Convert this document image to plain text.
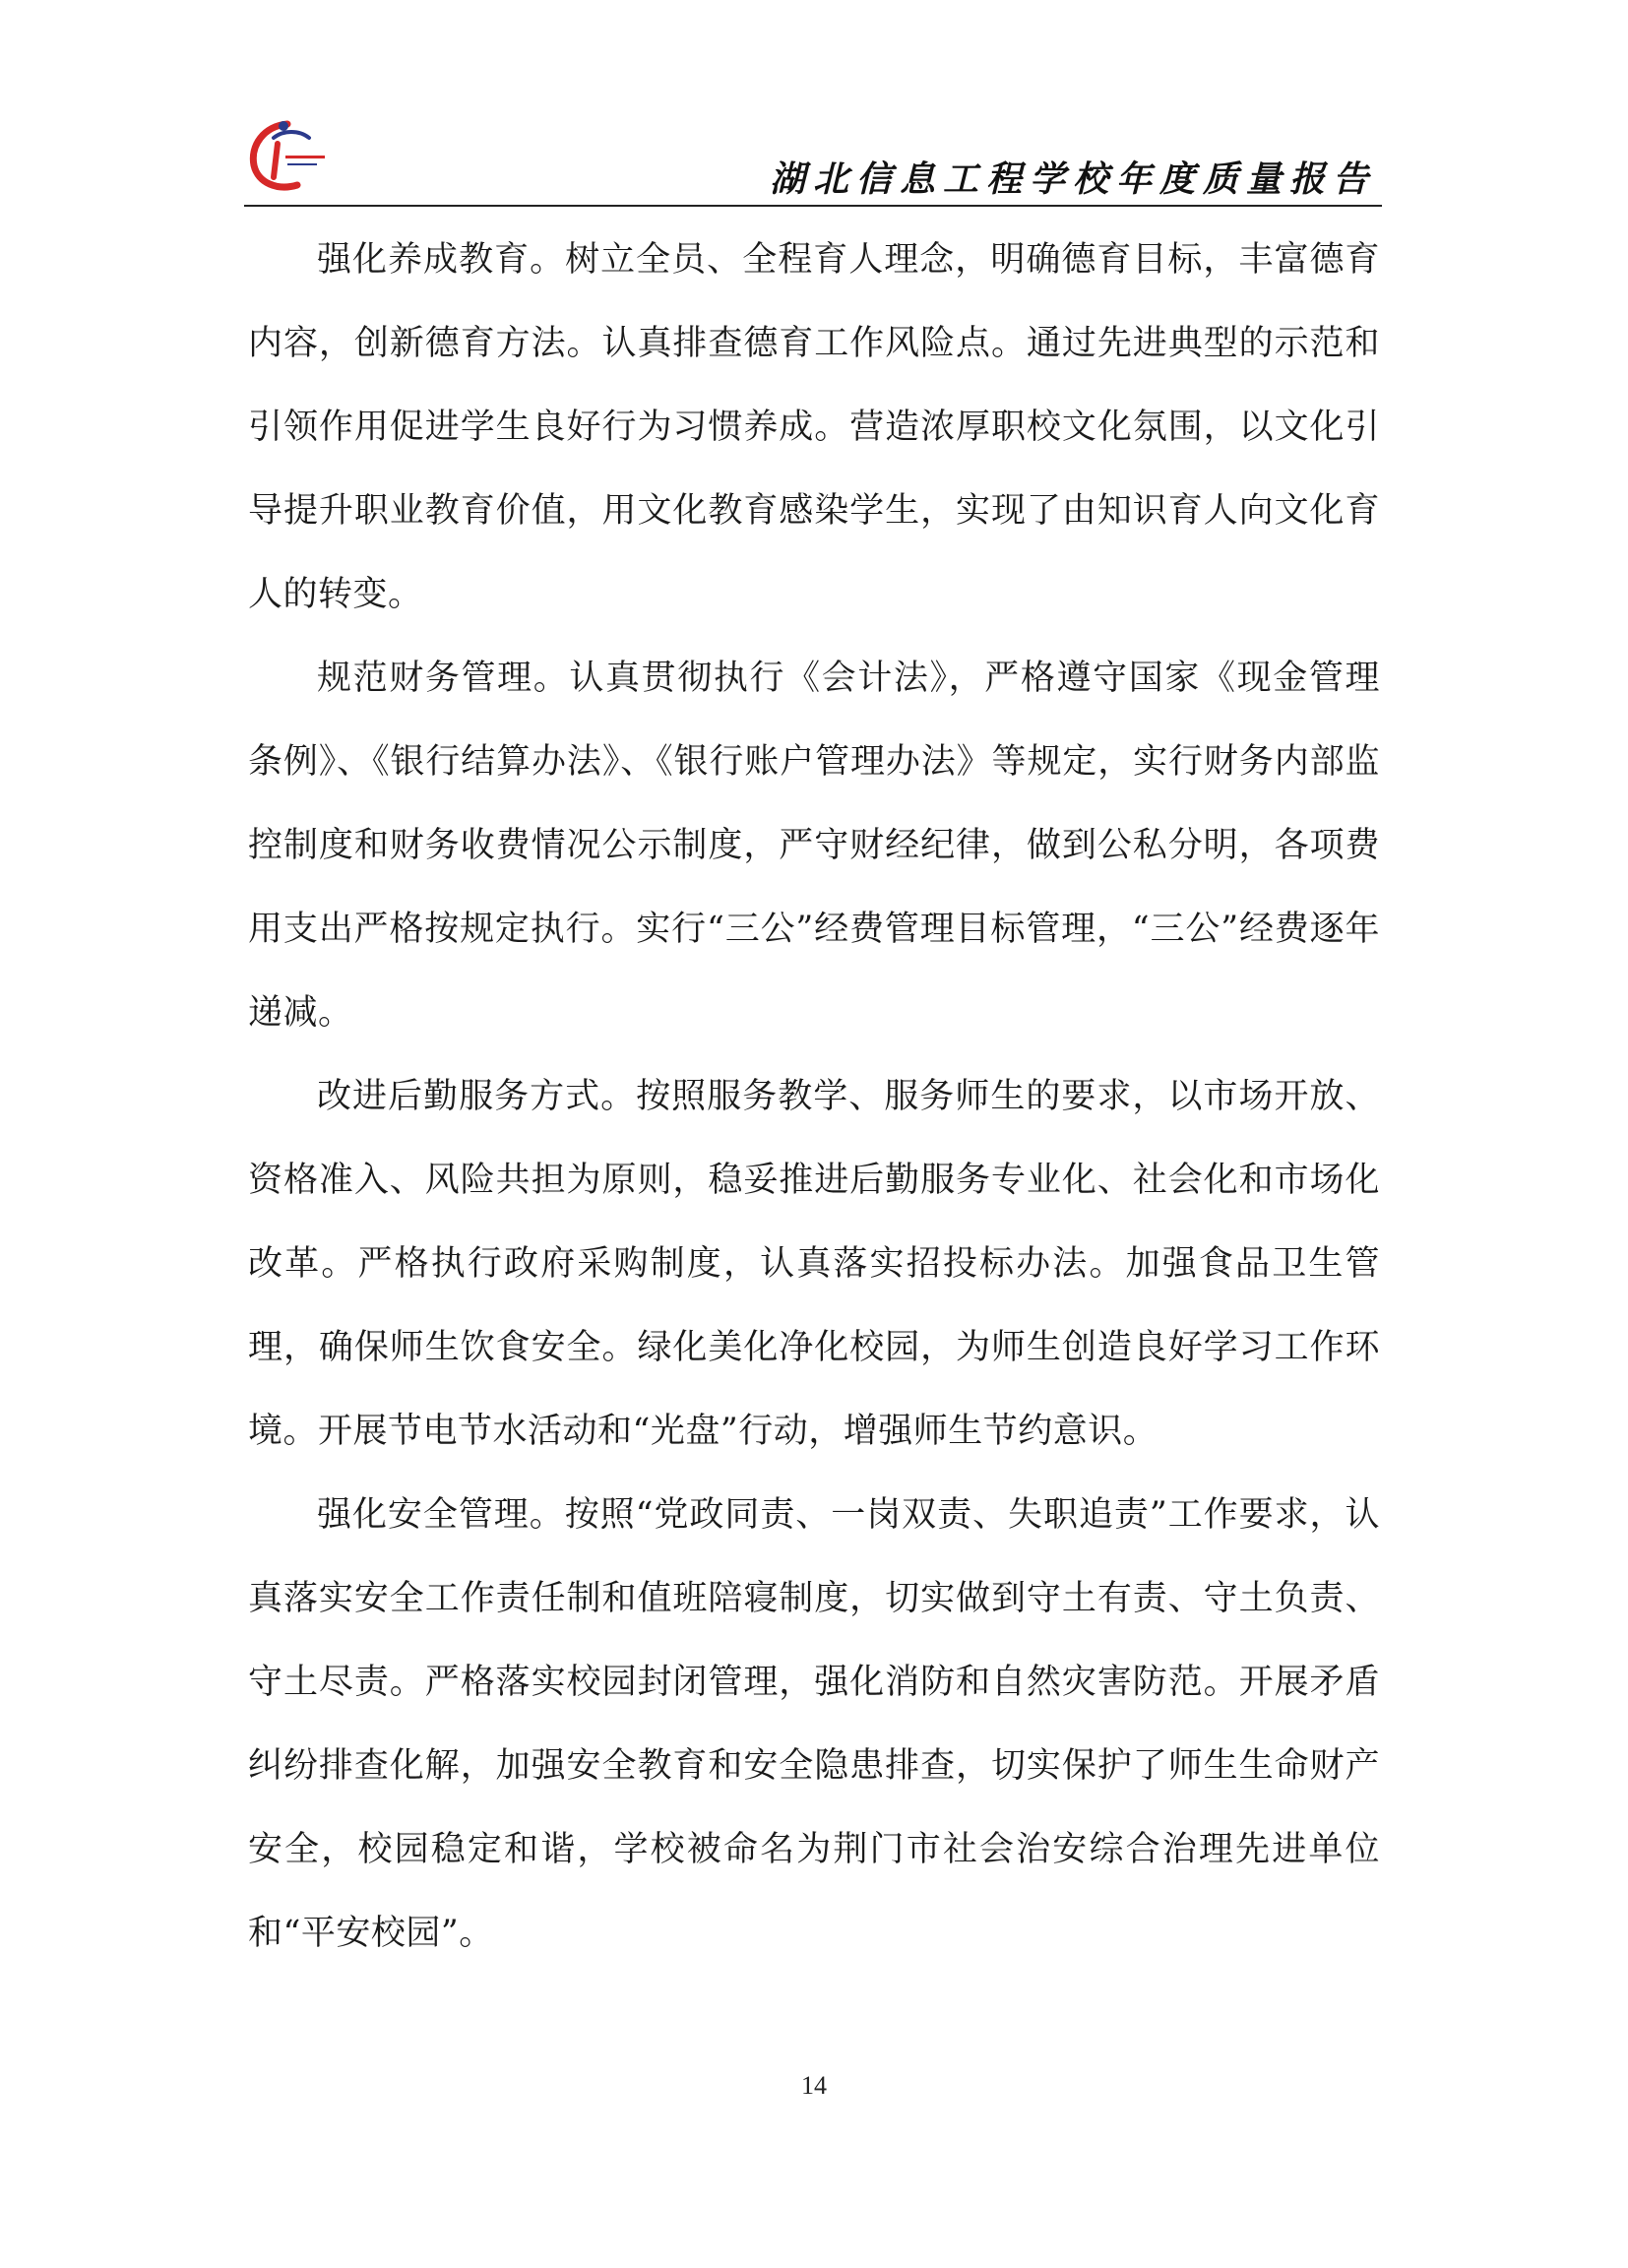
湖北信息工程学校年度质量报告

强化养成教育。树立全员、全程育人理念，明确德育目标，丰富德育内容，创新德育方法。认真排查德育工作风险点。通过先进典型的示范和引领作用促进学生良好行为习惯养成。营造浓厚职校文化氛围，以文化引导提升职业教育价值，用文化教育感染学生，实现了由知识育人向文化育人的转变。

规范财务管理。认真贯彻执行《会计法》，严格遵守国家《现金管理条例》、《银行结算办法》、《银行账户管理办法》等规定，实行财务内部监控制度和财务收费情况公示制度，严守财经纪律，做到公私分明，各项费用支出严格按规定执行。实行“三公”经费管理目标管理，“三公”经费逐年递减。

改进后勤服务方式。按照服务教学、服务师生的要求，以市场开放、资格准入、风险共担为原则，稳妥推进后勤服务专业化、社会化和市场化改革。严格执行政府采购制度，认真落实招投标办法。加强食品卫生管理，确保师生饮食安全。绿化美化净化校园，为师生创造良好学习工作环境。开展节电节水活动和“光盘”行动，增强师生节约意识。

强化安全管理。按照“党政同责、一岗双责、失职追责”工作要求，认真落实安全工作责任制和值班陪寝制度，切实做到守土有责、守土负责、守土尽责。严格落实校园封闭管理，强化消防和自然灾害防范。开展矛盾纠纷排查化解，加强安全教育和安全隐患排查，切实保护了师生生命财产安全，校园稳定和谐，学校被命名为荆门市社会治安综合治理先进单位和“平安校园”。

14
